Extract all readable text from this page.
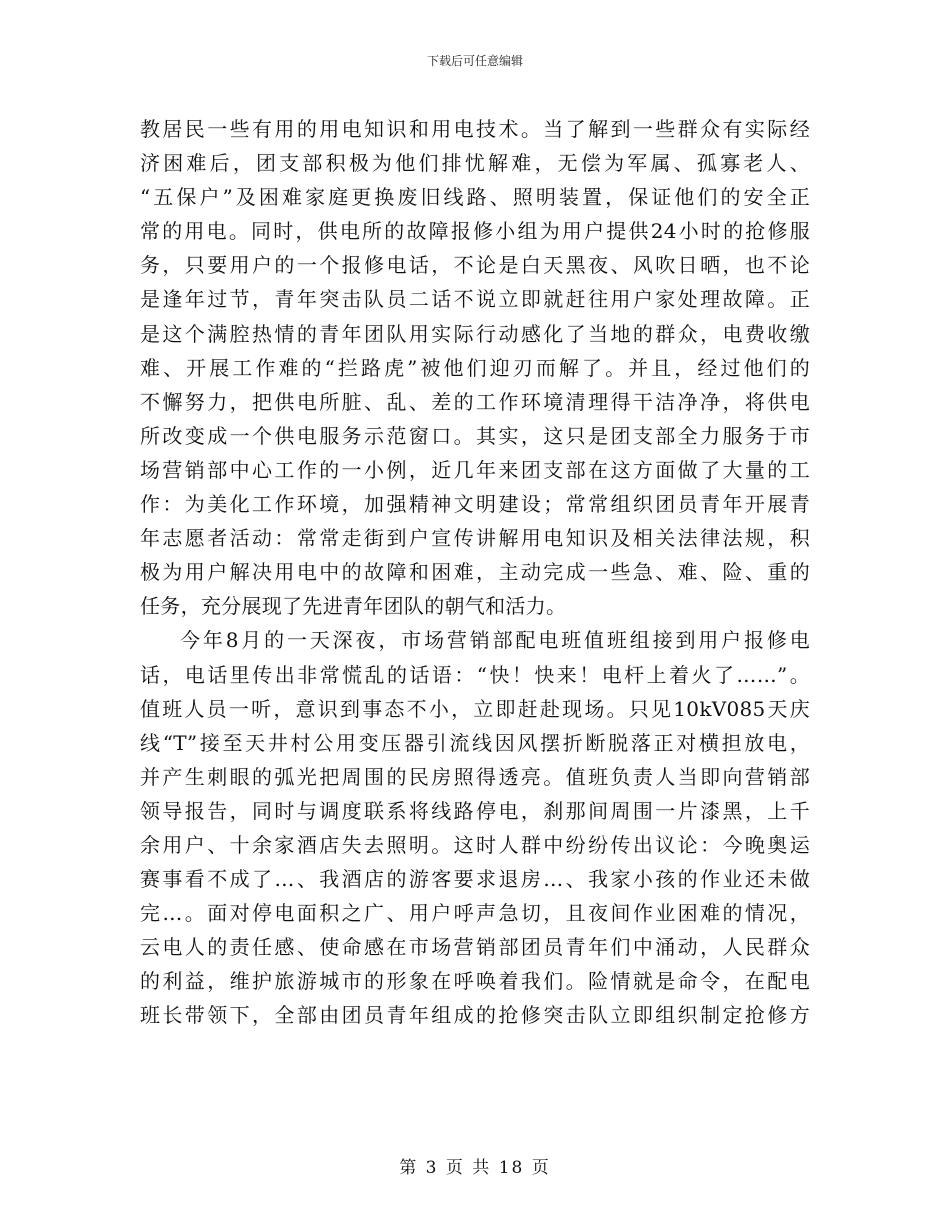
下载后可任意编辑

教居民一些有用的用电知识和用电技术。当了解到一些群众有实际经

济困难后，团支部积极为他们排忧解难，无偿为军属、孤寡老人、

“五保户”及困难家庭更换废旧线路、照明装置，保证他们的安全正

常的用电。同时，供电所的故障报修小组为用户提供24小时的抢修服

务，只要用户的一个报修电话，不论是白天黑夜、风吹日晒，也不论

是逢年过节，青年突击队员二话不说立即就赶往用户家处理故障。正

是这个满腔热情的青年团队用实际行动感化了当地的群众，电费收缴

难、开展工作难的“拦路虎”被他们迎刃而解了。并且，经过他们的

不懈努力，把供电所脏、乱、差的工作环境清理得干洁净净，将供电

所改变成一个供电服务示范窗口。其实，这只是团支部全力服务于市

场营销部中心工作的一小例，近几年来团支部在这方面做了大量的工

作：为美化工作环境，加强精神文明建设；常常组织团员青年开展青

年志愿者活动：常常走街到户宣传讲解用电知识及相关法律法规，积

极为用户解决用电中的故障和困难，主动完成一些急、难、险、重的

任务，充分展现了先进青年团队的朝气和活力。

今年8月的一天深夜，市场营销部配电班值班组接到用户报修电

话，电话里传出非常慌乱的话语：“快！快来！电杆上着火了……”。

值班人员一听，意识到事态不小，立即赶赴现场。只见10kV085天庆

线“T”接至天井村公用变压器引流线因风摆折断脱落正对横担放电，

并产生刺眼的弧光把周围的民房照得透亮。值班负责人当即向营销部

领导报告，同时与调度联系将线路停电，刹那间周围一片漆黑，上千

余用户、十余家酒店失去照明。这时人群中纷纷传出议论：今晚奥运

赛事看不成了…、我酒店的游客要求退房…、我家小孩的作业还未做

完…。面对停电面积之广、用户呼声急切，且夜间作业困难的情况，

云电人的责任感、使命感在市场营销部团员青年们中涌动，人民群众

的利益，维护旅游城市的形象在呼唤着我们。险情就是命令，在配电

班长带领下，全部由团员青年组成的抢修突击队立即组织制定抢修方

第 3 页 共 18 页
